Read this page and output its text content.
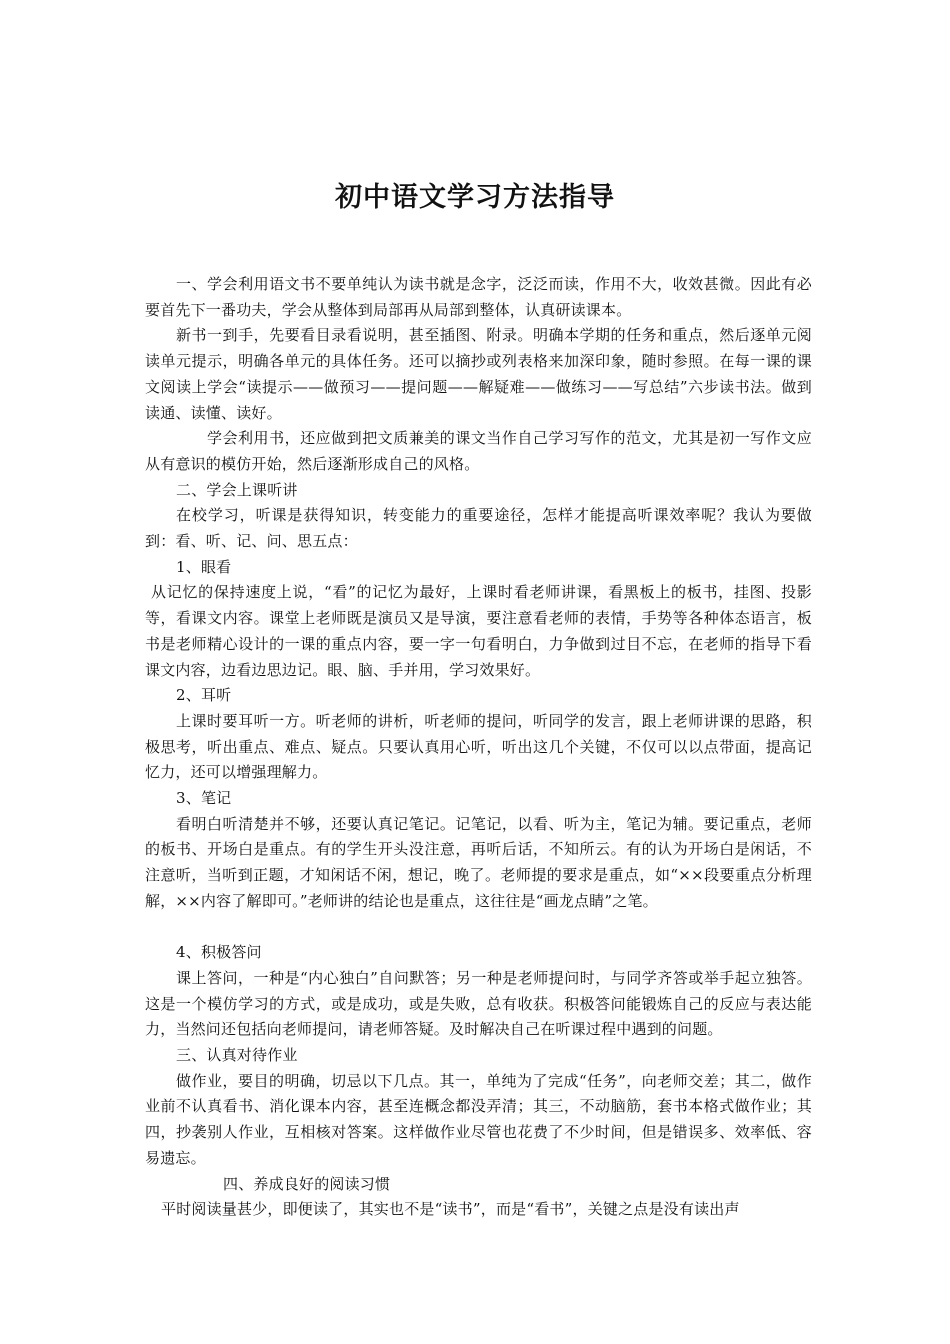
初中语文学习方法指导

一、学会利用语文书不要单纯认为读书就是念字，泛泛而读，作用不大，收效甚微。因此有必要首先下一番功夫，学会从整体到局部再从局部到整体，认真研读课本。

新书一到手，先要看目录看说明，甚至插图、附录。明确本学期的任务和重点，然后逐单元阅读单元提示，明确各单元的具体任务。还可以摘抄或列表格来加深印象，随时参照。在每一课的课文阅读上学会“读提示——做预习——提问题——解疑难——做练习——写总结”六步读书法。做到读通、读懂、读好。

学会利用书，还应做到把文质兼美的课文当作自己学习写作的范文，尤其是初一写作文应从有意识的模仿开始，然后逐渐形成自己的风格。

二、学会上课听讲

在校学习，听课是获得知识，转变能力的重要途径，怎样才能提高听课效率呢？我认为要做到：看、听、记、问、思五点：

1、眼看

从记忆的保持速度上说，“看”的记忆为最好，上课时看老师讲课，看黑板上的板书，挂图、投影等，看课文内容。课堂上老师既是演员又是导演，要注意看老师的表情，手势等各种体态语言，板书是老师精心设计的一课的重点内容，要一字一句看明白，力争做到过目不忘，在老师的指导下看课文内容，边看边思边记。眼、脑、手并用，学习效果好。

2、耳听

上课时要耳听一方。听老师的讲析，听老师的提问，听同学的发言，跟上老师讲课的思路，积极思考，听出重点、难点、疑点。只要认真用心听，听出这几个关键，不仅可以以点带面，提高记忆力，还可以增强理解力。

3、笔记

看明白听清楚并不够，还要认真记笔记。记笔记，以看、听为主，笔记为辅。要记重点，老师的板书、开场白是重点。有的学生开头没注意，再听后话，不知所云。有的认为开场白是闲话，不注意听，当听到正题，才知闲话不闲，想记，晚了。老师提的要求是重点，如“××段要重点分析理解，××内容了解即可。”老师讲的结论也是重点，这往往是“画龙点睛”之笔。

4、积极答问

课上答问，一种是“内心独白”自问默答；另一种是老师提问时，与同学齐答或举手起立独答。这是一个模仿学习的方式，或是成功，或是失败，总有收获。积极答问能锻炼自己的反应与表达能力，当然问还包括向老师提问，请老师答疑。及时解决自己在听课过程中遇到的问题。

三、认真对待作业

做作业，要目的明确，切忌以下几点。其一，单纯为了完成“任务”，向老师交差；其二，做作业前不认真看书、消化课本内容，甚至连概念都没弄清；其三，不动脑筋，套书本格式做作业；其四，抄袭别人作业，互相核对答案。这样做作业尽管也花费了不少时间，但是错误多、效率低、容易遗忘。

四、养成良好的阅读习惯

平时阅读量甚少，即便读了，其实也不是“读书”，而是“看书”，关键之点是没有读出声
